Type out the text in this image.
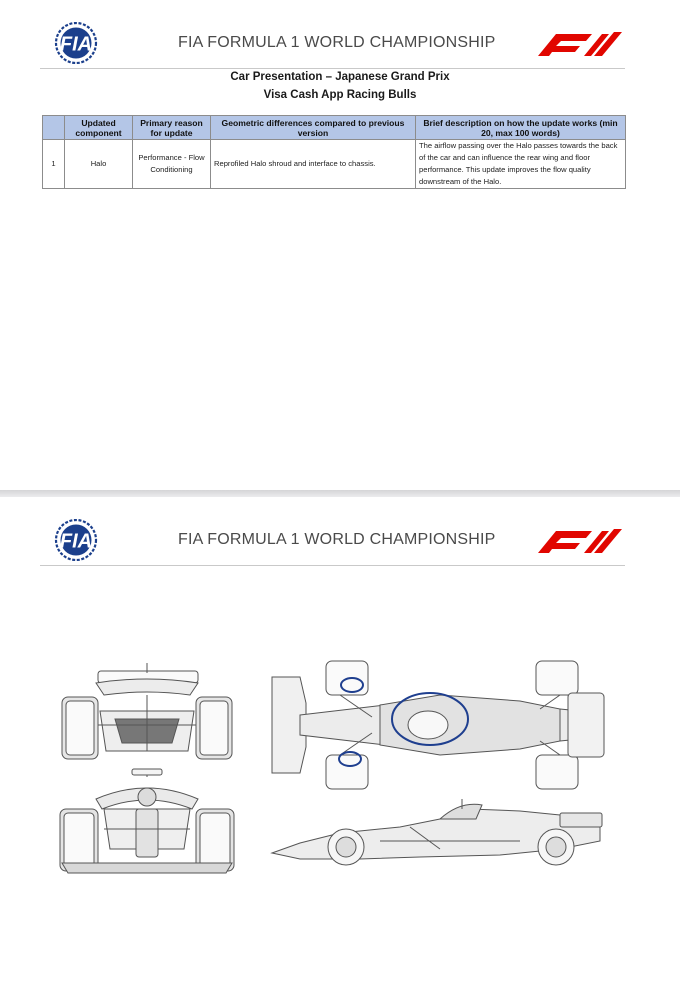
FIA	FIA FORMULA 1 WORLD CHAMPIONSHIP
Car Presentation – Japanese Grand Prix
Visa Cash App Racing Bulls
	Updated component	Primary reason for update	Geometric differences compared to previous version	Brief description on how the update works (min 20, max 100 words)
1	Halo	Performance - Flow Conditioning	Reprofiled Halo shroud and interface to chassis.	The airflow passing over the Halo passes towards the back of the car and can influence the rear wing and floor performance. This update improves the flow quality downstream of the Halo.
FIA	FIA FORMULA 1 WORLD CHAMPIONSHIP
